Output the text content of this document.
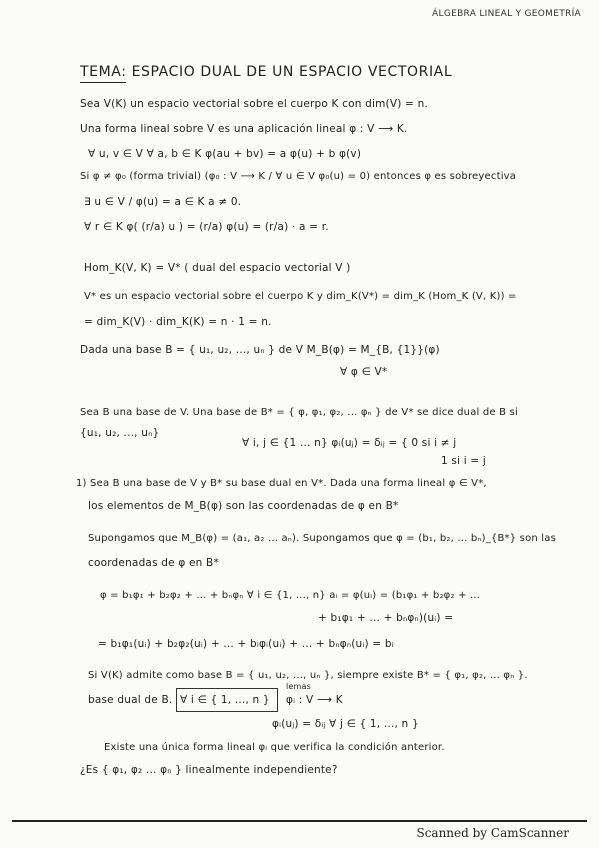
ÁLGEBRA LINEAL Y GEOMETRÍA
TEMA: ESPACIO DUAL DE UN ESPACIO VECTORIAL
Sea V(K) un espacio vectorial sobre el cuerpo K con dim(V) = n.
Una forma lineal sobre V es una aplicación lineal φ : V ⟶ K.
∀ u, v ∈ V ∀ a, b ∈ K φ(au + bv) = a φ(u) + b φ(v)
Si φ ≠ φ₀ (forma trivial) (φ₀ : V ⟶ K / ∀ u ∈ V φ₀(u) = 0) entonces φ es sobreyectiva
∃ u ∈ V / φ(u) = a ∈ K a ≠ 0.
∀ r ∈ K φ( (r/a) u ) = (r/a) φ(u) = (r/a) · a = r.
Hom_K(V, K) = V* ( dual del espacio vectorial V )
V* es un espacio vectorial sobre el cuerpo K y dim_K(V*) = dim_K (Hom_K (V, K)) =
= dim_K(V) · dim_K(K) = n · 1 = n.
Dada una base B = { u₁, u₂, ..., uₙ } de V M_B(φ) = M_{B, {1}}(φ)
∀ φ ∈ V*
Sea B una base de V. Una base de B* = { φ, φ₁, φ₂, ... φₙ } de V* se dice dual de B si
{u₁, u₂, ..., uₙ}
∀ i, j ∈ {1 ... n} φᵢ(uⱼ) = δᵢⱼ = { 0 si i ≠ j
1 si i = j
1) Sea B una base de V y B* su base dual en V*. Dada una forma lineal φ ∈ V*,
los elementos de M_B(φ) son las coordenadas de φ en B*
Supongamos que M_B(φ) = (a₁, a₂ ... aₙ). Supongamos que φ = (b₁, b₂, ... bₙ)_{B*} son las
coordenadas de φ en B*
φ = b₁φ₁ + b₂φ₂ + ... + bₙφₙ ∀ i ∈ {1, ..., n} aᵢ = φ(uᵢ) = (b₁φ₁ + b₂φ₂ + ...
+ b₁φ₁ + ... + bₙφₙ)(uᵢ) =
= b₁φ₁(uᵢ) + b₂φ₂(uᵢ) + ... + bᵢφᵢ(uᵢ) + ... + bₙφₙ(uᵢ) = bᵢ
Si V(K) admite como base B = { u₁, u₂, ..., uₙ }, siempre existe B* = { φ₁, φ₂, ... φₙ }.
base dual de B. ∀ i ∈ { 1, ..., n }
lemas
φᵢ : V ⟶ K
φᵢ(uⱼ) = δᵢⱼ ∀ j ∈ { 1, ..., n }
Existe una única forma lineal φᵢ que verifica la condición anterior.
¿Es { φ₁, φ₂ ... φₙ } linealmente independiente?
Scanned by CamScanner
